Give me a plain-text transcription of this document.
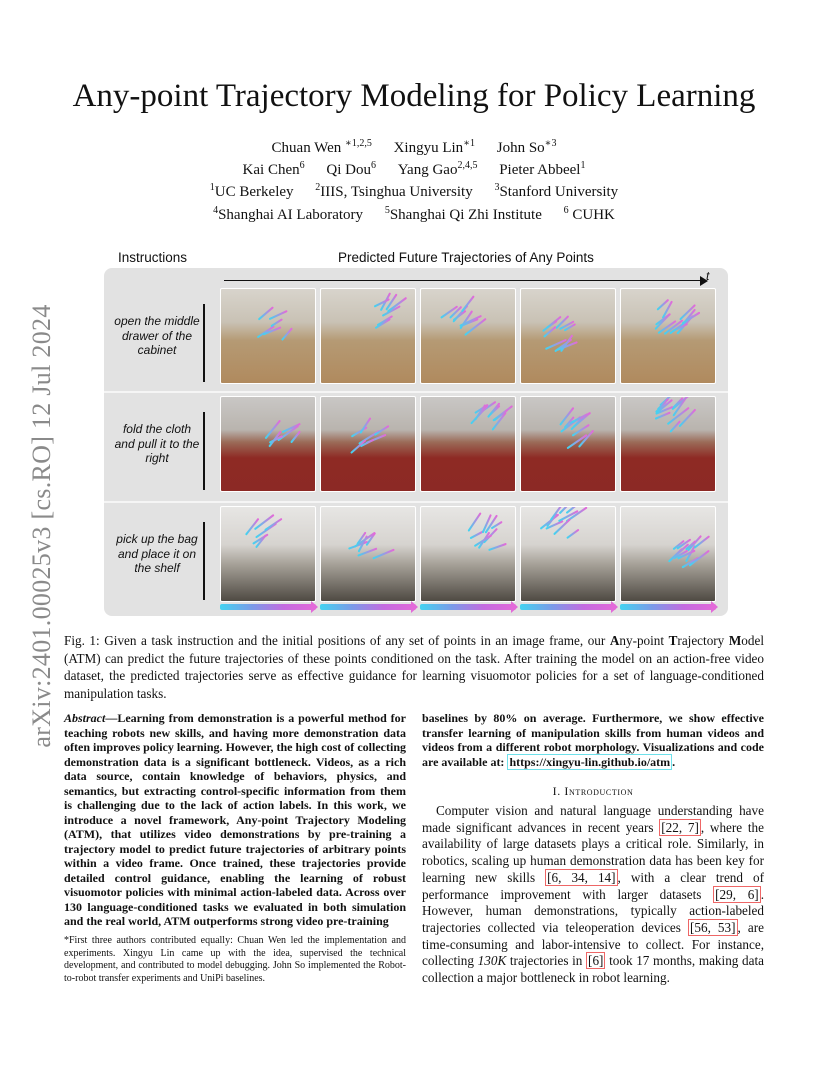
arXiv:2401.00025v3 [cs.RO] 12 Jul 2024
Any-point Trajectory Modeling for Policy Learning
Chuan Wen $^{∗1,2,5}$ Xingyu Lin$^{∗1}$ John $So^{∗3}$
Kai Chen$^6$ Qi Dou$^6$ Yang Gao$^{2,4,5}$ Pieter Abbeel$^1$
$^1$UC Berkeley $^2$IIIS, Tsinghua University $^3$Stanford University
$^4$Shanghai AI Laboratory $^5$Shanghai Qi Zhi Institute $^6$ CUHK
Instructions	Predicted Future Trajectories of Any Points
t
open the middle drawer of the cabinet
fold the cloth and pull it to the right
pick up the bag and place it on the shelf
Fig. 1: Given a task instruction and the initial positions of any set of points in an image frame, our Any-point Trajectory Model (ATM) can predict the future trajectories of these points conditioned on the task. After training the model on an action-free video dataset, the predicted trajectories serve as effective guidance for learning visuomotor policies for a set of language-conditioned manipulation tasks.
Abstract—Learning from demonstration is a powerful method for teaching robots new skills, and having more demonstration data often improves policy learning. However, the high cost of collecting demonstration data is a significant bottleneck. Videos, as a rich data source, contain knowledge of behaviors, physics, and semantics, but extracting control-specific information from them is challenging due to the lack of action labels. In this work, we introduce a novel framework, Any-point Trajectory Modeling (ATM), that utilizes video demonstrations by pre-training a trajectory model to predict future trajectories of arbitrary points within a video frame. Once trained, these trajectories provide detailed control guidance, enabling the learning of robust visuomotor policies with minimal action-labeled data. Across over 130 language-conditioned tasks we evaluated in both simulation and the real world, ATM outperforms strong video pre-training
*First three authors contributed equally: Chuan Wen led the implementation and experiments. Xingyu Lin came up with the idea, supervised the technical development, and contributed to model debugging. John So implemented the Robot-to-robot transfer experiments and UniPi baselines.
baselines by 80% on average. Furthermore, we show effective transfer learning of manipulation skills from human videos and videos from a different robot morphology. Visualizations and code are available at: https://xingyu-lin.github.io/atm .
I. Introduction

Computer vision and natural language understanding have made significant advances in recent years [22, 7] , where the availability of large datasets plays a critical role. Similarly, in robotics, scaling up human demonstration data has been key for learning new skills [6, 34, 14] , with a clear trend of performance improvement with larger datasets [29, 6] . However, human demonstrations, typically action-labeled trajectories collected via teleoperation devices [56, 53] , are time-consuming and labor-intensive to collect. For instance, collecting 130K trajectories in [6] took 17 months, making data collection a major bottleneck in robot learning.
